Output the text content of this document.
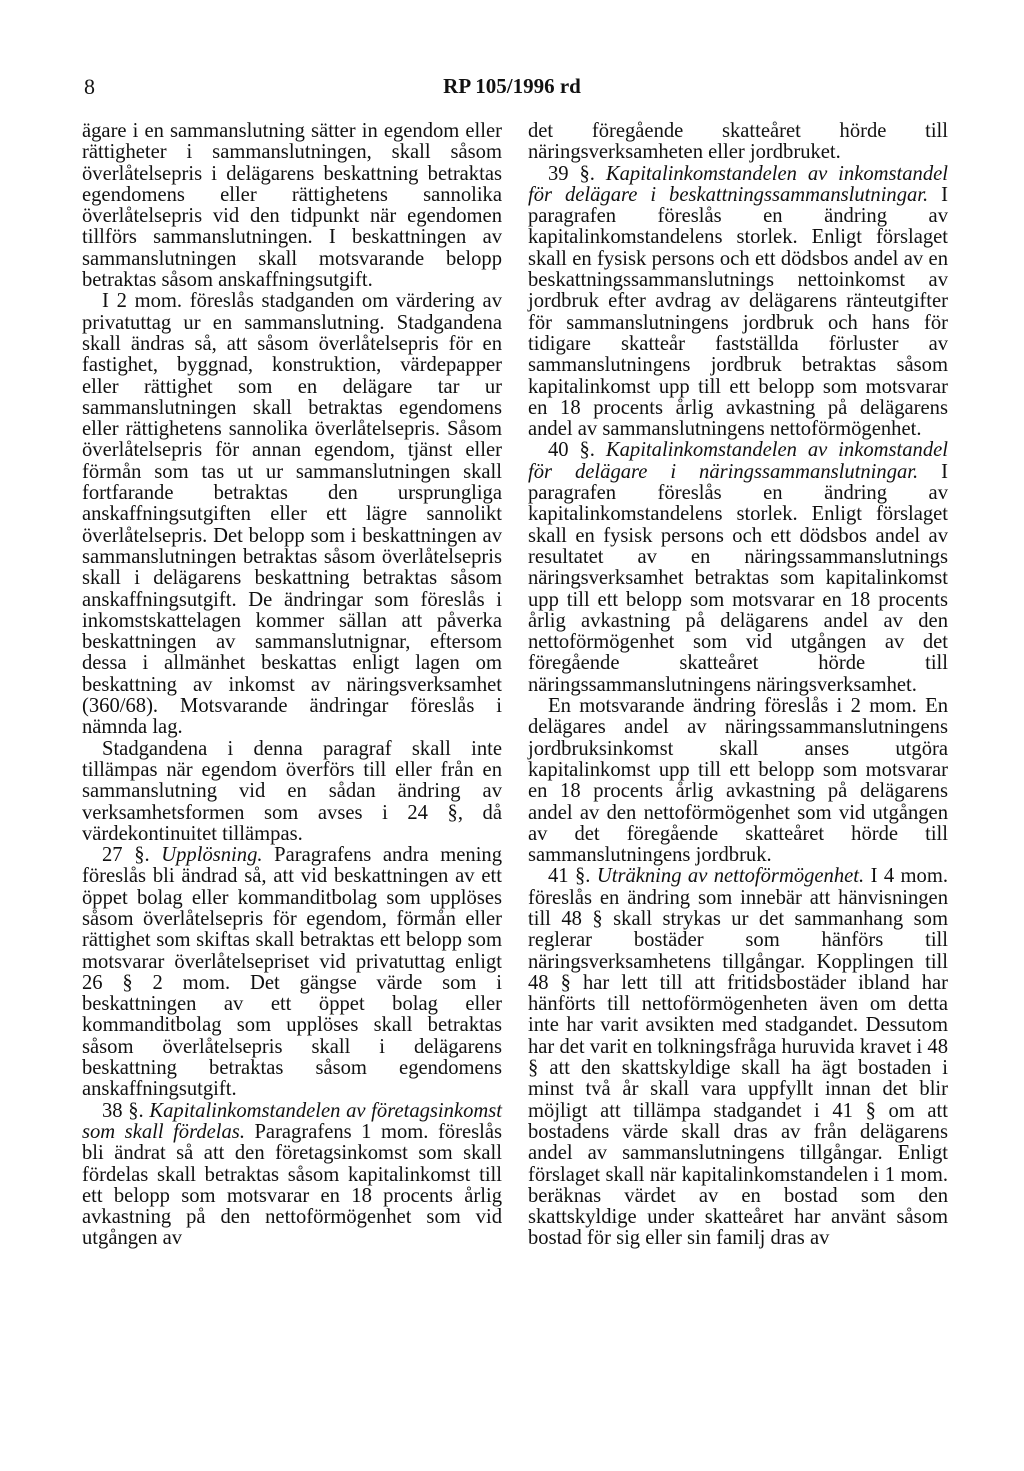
8	RP 105/1996 rd

ägare i en sammanslutning sätter in egendom eller rättigheter i sammanslutningen, skall såsom överlåtelsepris i delägarens beskattning betraktas egendomens eller rättighetens sannolika överlåtelsepris vid den tidpunkt när egendomen tillförs sammanslutningen. I beskattningen av sammanslutningen skall motsvarande belopp betraktas såsom anskaffningsutgift.

I 2 mom. föreslås stadganden om värdering av privatuttag ur en sammanslutning. Stadgandena skall ändras så, att såsom överlåtelsepris för en fastighet, byggnad, konstruktion, värdepapper eller rättighet som en delägare tar ur sammanslutningen skall betraktas egendomens eller rättighetens sannolika överlåtelsepris. Såsom överlåtelsepris för annan egendom, tjänst eller förmån som tas ut ur sammanslutningen skall fortfarande betraktas den ursprungliga anskaffningsutgiften eller ett lägre sannolikt överlåtelsepris. Det belopp som i beskattningen av sammanslutningen betraktas såsom överlåtelsepris skall i delägarens beskattning betraktas såsom anskaffningsutgift. De ändringar som föreslås i inkomstskattelagen kommer sällan att påverka beskattningen av sammanslutnignar, eftersom dessa i allmänhet beskattas enligt lagen om beskattning av inkomst av näringsverksamhet (360/68). Motsvarande ändringar föreslås i nämnda lag.

Stadgandena i denna paragraf skall inte tillämpas när egendom överförs till eller från en sammanslutning vid en sådan ändring av verksamhetsformen som avses i 24 §, då värdekontinuitet tillämpas.

27 §. Upplösning. Paragrafens andra mening föreslås bli ändrad så, att vid beskattningen av ett öppet bolag eller kommanditbolag som upplöses såsom överlåtelsepris för egendom, förmån eller rättighet som skiftas skall betraktas ett belopp som motsvarar överlåtelsepriset vid privatuttag enligt 26 § 2 mom. Det gängse värde som i beskattningen av ett öppet bolag eller kommanditbolag som upplöses skall betraktas såsom överlåtelsepris skall i delägarens beskattning betraktas såsom egendomens anskaffningsutgift.

38 §. Kapitalinkomstandelen av företagsinkomst som skall fördelas. Paragrafens 1 mom. föreslås bli ändrat så att den företagsinkomst som skall fördelas skall betraktas såsom kapitalinkomst till ett belopp som motsvarar en 18 procents årlig avkastning på den nettoförmögenhet som vid utgången av

det föregående skatteåret hörde till näringsverksamheten eller jordbruket.

39 §. Kapitalinkomstandelen av inkomstandel för delägare i beskattningssammanslutningar. I paragrafen föreslås en ändring av kapitalinkomstandelens storlek. Enligt förslaget skall en fysisk persons och ett dödsbos andel av en beskattningssammanslutnings nettoinkomst av jordbruk efter avdrag av delägarens ränteutgifter för sammanslutningens jordbruk och hans för tidigare skatteår fastställda förluster av sammanslutningens jordbruk betraktas såsom kapitalinkomst upp till ett belopp som motsvarar en 18 procents årlig avkastning på delägarens andel av sammanslutningens nettoförmögenhet.

40 §. Kapitalinkomstandelen av inkomstandel för delägare i näringssammanslutningar. I paragrafen föreslås en ändring av kapitalinkomstandelens storlek. Enligt förslaget skall en fysisk persons och ett dödsbos andel av resultatet av en näringssammanslutnings näringsverksamhet betraktas som kapitalinkomst upp till ett belopp som motsvarar en 18 procents årlig avkastning på delägarens andel av den nettoförmögenhet som vid utgången av det föregående skatteåret hörde till näringssammanslutningens näringsverksamhet.

En motsvarande ändring föreslås i 2 mom. En delägares andel av näringssammanslutningens jordbruksinkomst skall anses utgöra kapitalinkomst upp till ett belopp som motsvarar en 18 procents årlig avkastning på delägarens andel av den nettoförmögenhet som vid utgången av det föregående skatteåret hörde till sammanslutningens jordbruk.

41 §. Uträkning av nettoförmögenhet. I 4 mom. föreslås en ändring som innebär att hänvisningen till 48 § skall strykas ur det sammanhang som reglerar bostäder som hänförs till näringsverksamhetens tillgångar. Kopplingen till 48 § har lett till att fritidsbostäder ibland har hänförts till nettoförmögenheten även om detta inte har varit avsikten med stadgandet. Dessutom har det varit en tolkningsfråga huruvida kravet i 48 § att den skattskyldige skall ha ägt bostaden i minst två år skall vara uppfyllt innan det blir möjligt att tillämpa stadgandet i 41 § om att bostadens värde skall dras av från delägarens andel av sammanslutningens tillgångar. Enligt förslaget skall när kapitalinkomstandelen i 1 mom. beräknas värdet av en bostad som den skattskyldige under skatteåret har använt såsom bostad för sig eller sin familj dras av
